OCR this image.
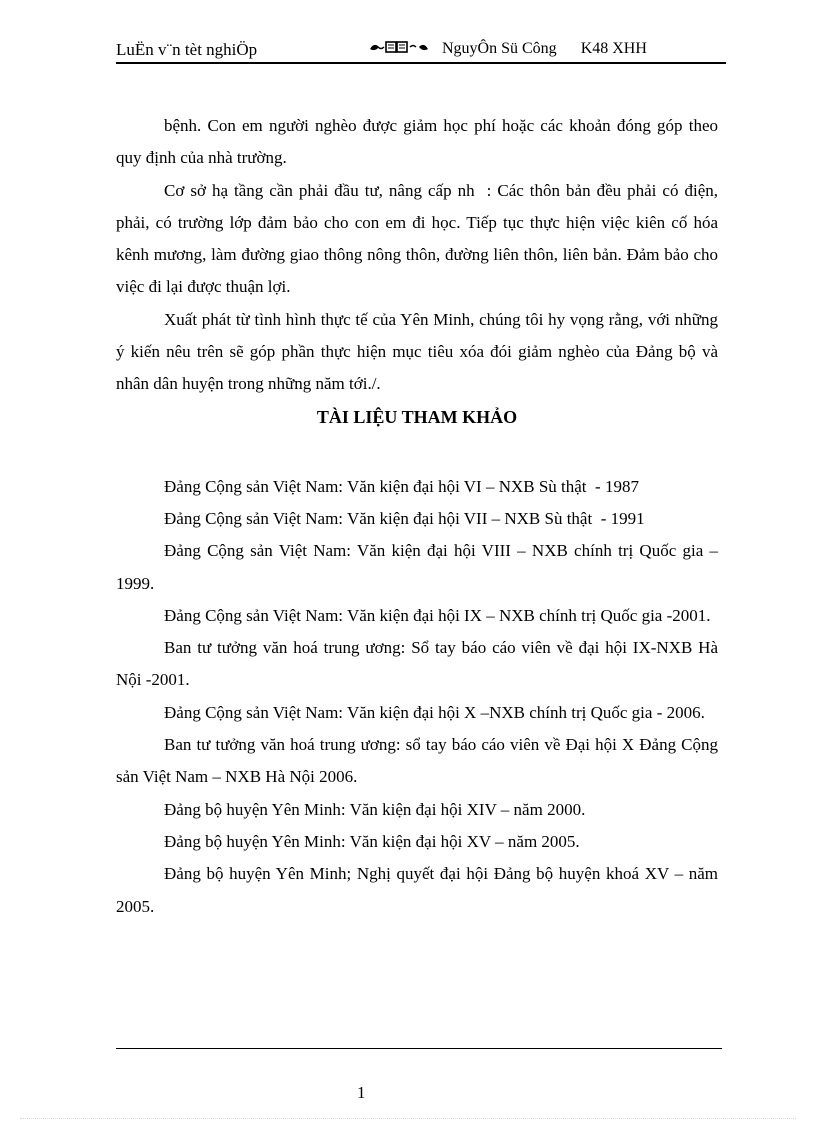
LuËn v¨n tèt nghiÖp	NguyÔn Sü Công K48 XHH

bệnh. Con em người nghèo được giảm học phí hoặc các khoản đóng góp theo quy định của nhà trường.

Cơ sở hạ tầng cần phải đầu tư, nâng cấp nh  : Các thôn bản đều phải có điện, phải, có trường lớp đảm bảo cho con em đi học. Tiếp tục thực hiện việc kiên cố hóa kênh mương, làm đường giao thông nông thôn, đường liên thôn, liên bản. Đảm bảo cho việc đi lại được thuận lợi.

Xuất phát từ tình hình thực tế của Yên Minh, chúng tôi hy vọng rằng, với những ý kiến nêu trên sẽ góp phần thực hiện mục tiêu xóa đói giảm nghèo của Đảng bộ và nhân dân huyện trong những năm tới./.

TÀI LIỆU THAM KHẢO

Đảng Cộng sản Việt Nam: Văn kiện đại hội VI – NXB Sù thật  - 1987

Đảng Cộng sản Việt Nam: Văn kiện đại hội VII – NXB Sù thật  - 1991

Đảng Cộng sản Việt Nam: Văn kiện đại hội VIII – NXB chính trị Quốc gia – 1999.

Đảng Cộng sản Việt Nam: Văn kiện đại hội IX – NXB chính trị Quốc gia -2001.

Ban tư tưởng văn hoá trung ương: Sổ tay báo cáo viên về đại hội IX-NXB Hà Nội -2001.

Đảng Cộng sản Việt Nam: Văn kiện đại hội X –NXB chính trị Quốc gia - 2006.

Ban tư tưởng văn hoá trung ương: sổ tay báo cáo viên về Đại hội X Đảng Cộng sản Việt Nam – NXB Hà Nội 2006.

Đảng bộ huyện Yên Minh: Văn kiện đại hội XIV – năm 2000.

Đảng bộ huyện Yên Minh: Văn kiện đại hội XV – năm 2005.

Đảng bộ huyện Yên Minh; Nghị quyết đại hội Đảng bộ huyện khoá XV – năm 2005.

1
